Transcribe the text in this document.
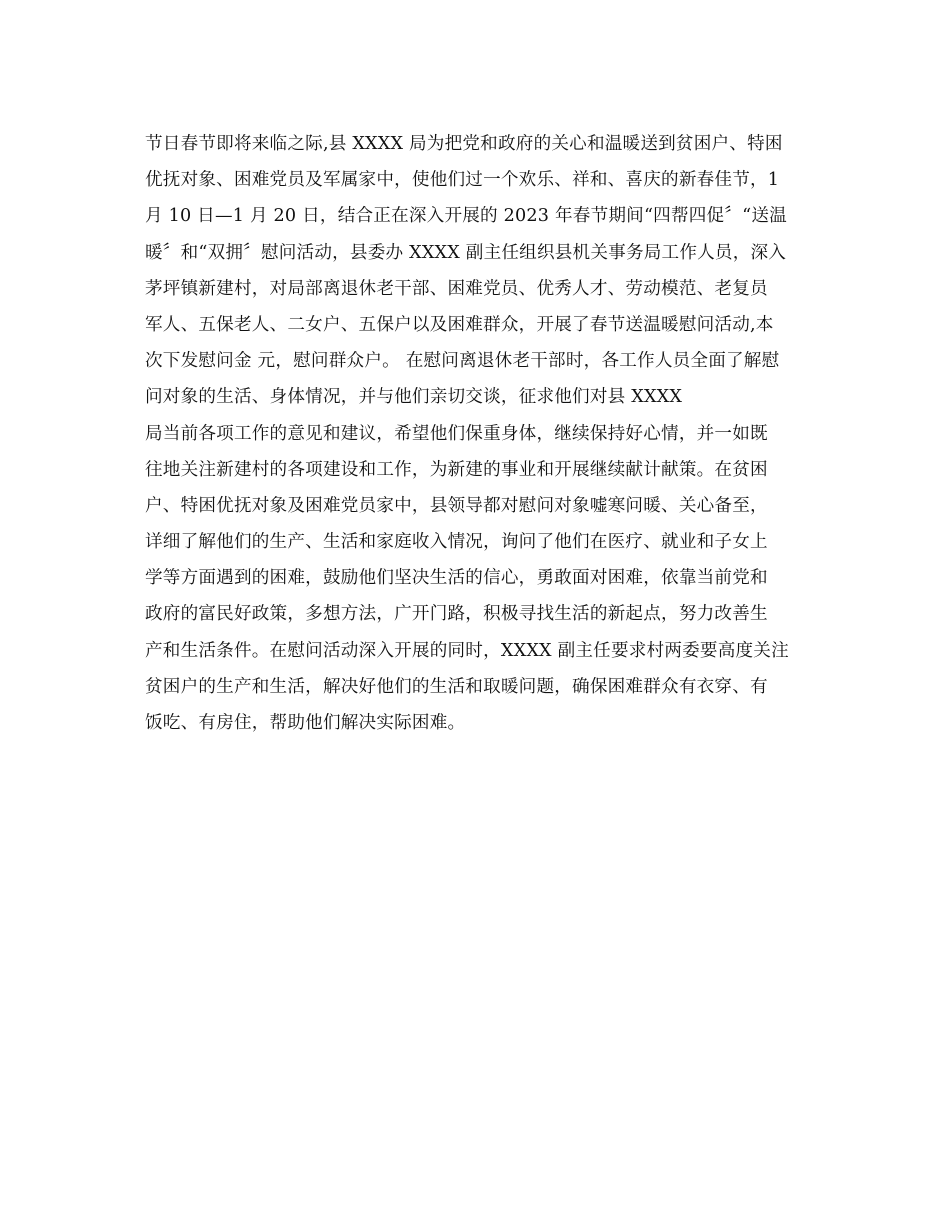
节日春节即将来临之际,县 XXXX 局为把党和政府的关心和温暖送到贫困户、特困
优抚对象、困难党员及军属家中，使他们过一个欢乐、祥和、喜庆的新春佳节，1
月 10 日—1 月 20 日，结合正在深入开展的 2023 年春节期间“四帮四促〞“送温
暖〞和“双拥〞慰问活动，县委办 XXXX 副主任组织县机关事务局工作人员，深入
茅坪镇新建村，对局部离退休老干部、困难党员、优秀人才、劳动模范、老复员
军人、五保老人、二女户、五保户以及困难群众，开展了春节送温暖慰问活动,本
次下发慰问金 元，慰问群众户。 在慰问离退休老干部时，各工作人员全面了解慰
问对象的生活、身体情况，并与他们亲切交谈，征求他们对县 XXXX
局当前各项工作的意见和建议，希望他们保重身体，继续保持好心情，并一如既
往地关注新建村的各项建设和工作，为新建的事业和开展继续献计献策。在贫困
户、特困优抚对象及困难党员家中，县领导都对慰问对象嘘寒问暖、关心备至，
详细了解他们的生产、生活和家庭收入情况，询问了他们在医疗、就业和子女上
学等方面遇到的困难，鼓励他们坚决生活的信心，勇敢面对困难，依靠当前党和
政府的富民好政策，多想方法，广开门路，积极寻找生活的新起点，努力改善生
产和生活条件。在慰问活动深入开展的同时，XXXX 副主任要求村两委要高度关注
贫困户的生产和生活，解决好他们的生活和取暖问题，确保困难群众有衣穿、有
饭吃、有房住，帮助他们解决实际困难。
